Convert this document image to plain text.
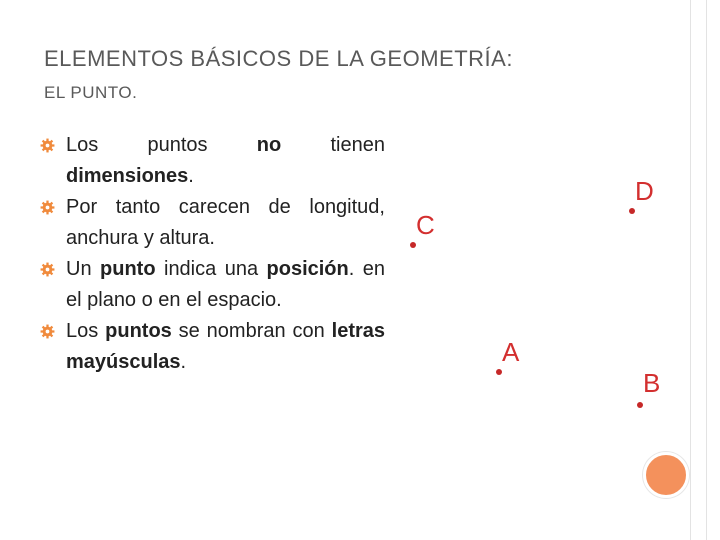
ELEMENTOS BÁSICOS DE LA GEOMETRÍA:
EL PUNTO.
Los puntos no tienen dimensiones.
Por tanto carecen de longitud, anchura y altura.
Un punto indica una posición. en el plano o en el espacio.
Los puntos se nombran con letras mayúsculas.
D
C
A
B
